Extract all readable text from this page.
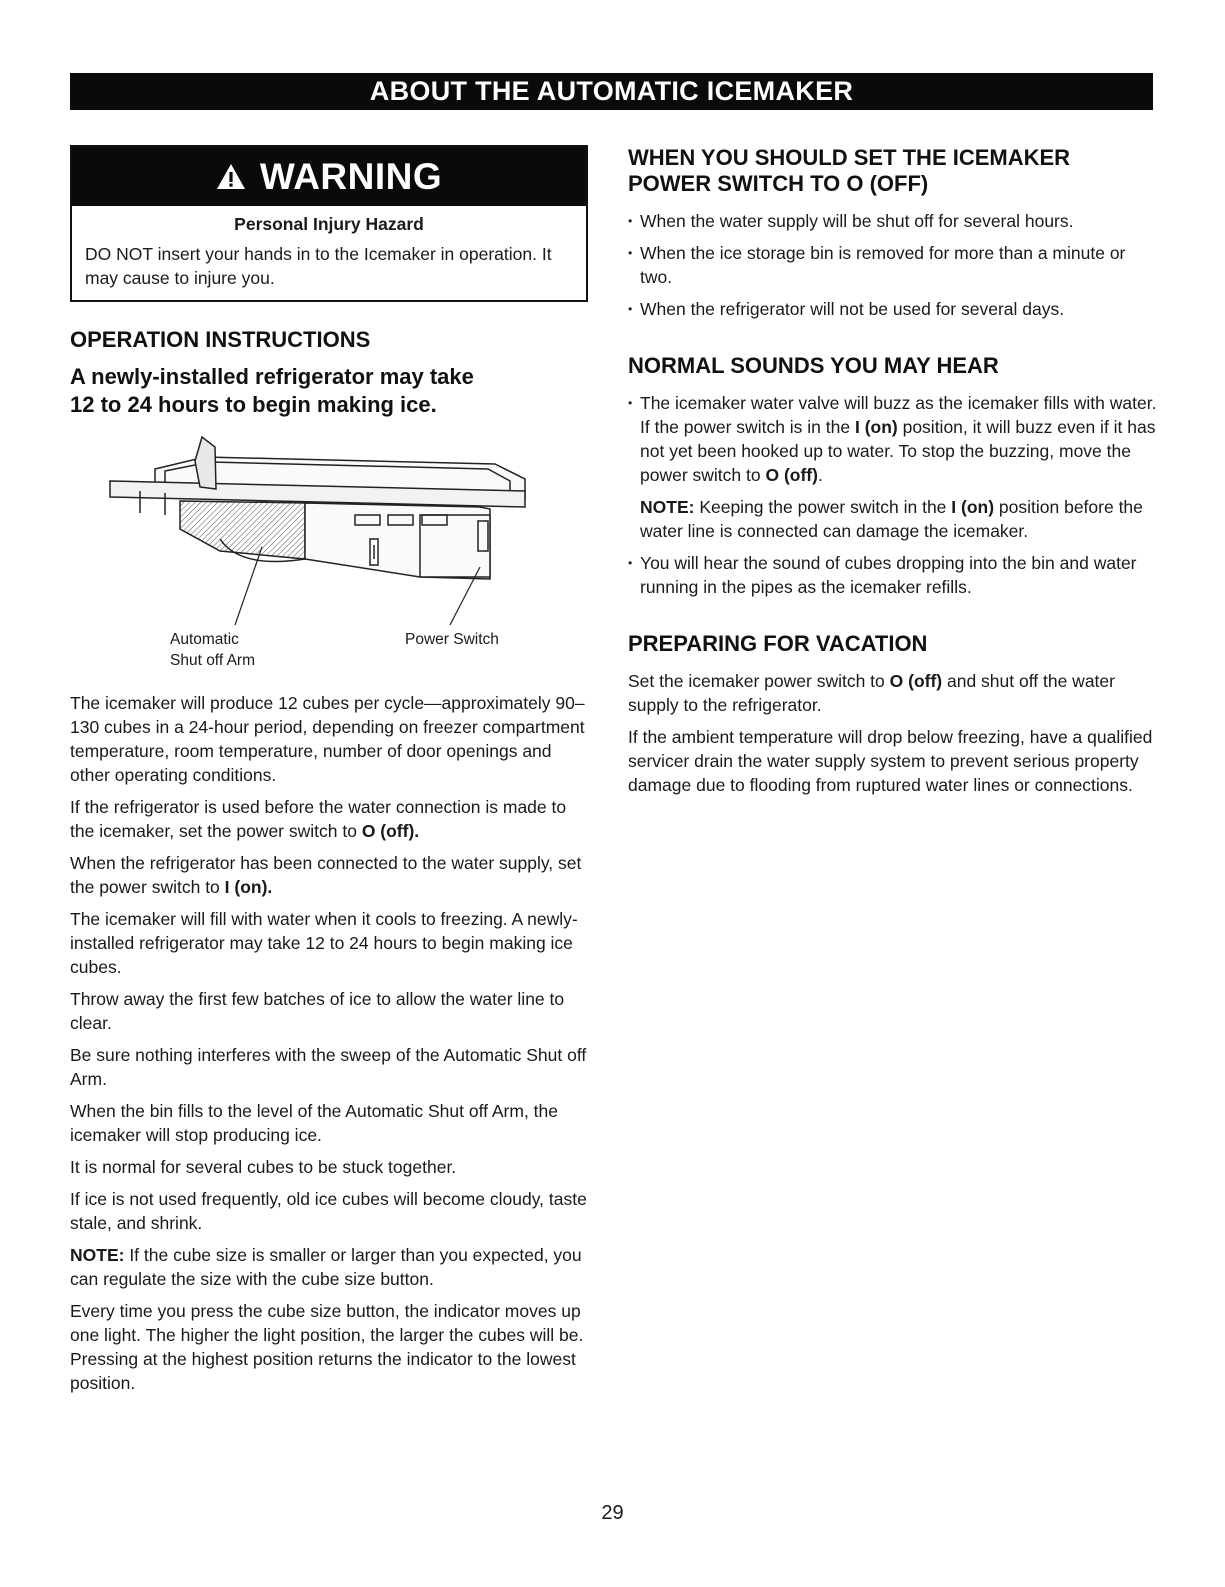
ABOUT THE AUTOMATIC ICEMAKER
WARNING
Personal Injury Hazard
DO NOT insert your hands in to the Icemaker in operation. It may cause to injure you.
OPERATION INSTRUCTIONS
A newly-installed refrigerator may take
12 to 24 hours to begin making ice.
Automatic
Shut off Arm
Power Switch

The icemaker will produce 12 cubes per cycle—approximately 90–130 cubes in a 24-hour period, depending on freezer compartment temperature, room temperature, number of door openings and other operating conditions.

If the refrigerator is used before the water connection is made to the icemaker, set the power switch to O (off).

When the refrigerator has been connected to the water supply, set the power switch to I (on).

The icemaker will fill with water when it cools to freezing. A newly-installed refrigerator may take 12 to 24 hours to begin making ice cubes.

Throw away the first few batches of ice to allow the water line to clear.

Be sure nothing interferes with the sweep of the Automatic Shut off Arm.

When the bin fills to the level of the Automatic Shut off Arm, the icemaker will stop producing ice.

It is normal for several cubes to be stuck together.

If ice is not used frequently, old ice cubes will become cloudy, taste stale, and shrink.

NOTE: If the cube size is smaller or larger than you expected, you can regulate the size with the cube size button.

Every time you press the cube size button, the indicator moves up one light. The higher the light position, the larger the cubes will be. Pressing at the highest position returns the indicator to the lowest position.

WHEN YOU SHOULD SET THE ICEMAKER
POWER SWITCH TO O (OFF)
• When the water supply will be shut off for several hours.
• When the ice storage bin is removed for more than a minute or two.
• When the refrigerator will not be used for several days.
NORMAL SOUNDS YOU MAY HEAR
• The icemaker water valve will buzz as the icemaker fills with water. If the power switch is in the I (on) position, it will buzz even if it has not yet been hooked up to water. To stop the buzzing, move the power switch to O (off).
NOTE: Keeping the power switch in the I (on) position before the water line is connected can damage the icemaker.
• You will hear the sound of cubes dropping into the bin and water running in the pipes as the icemaker refills.
PREPARING FOR VACATION

Set the icemaker power switch to O (off) and shut off the water supply to the refrigerator.

If the ambient temperature will drop below freezing, have a qualified servicer drain the water supply system to prevent serious property damage due to flooding from ruptured water lines or connections.

29
